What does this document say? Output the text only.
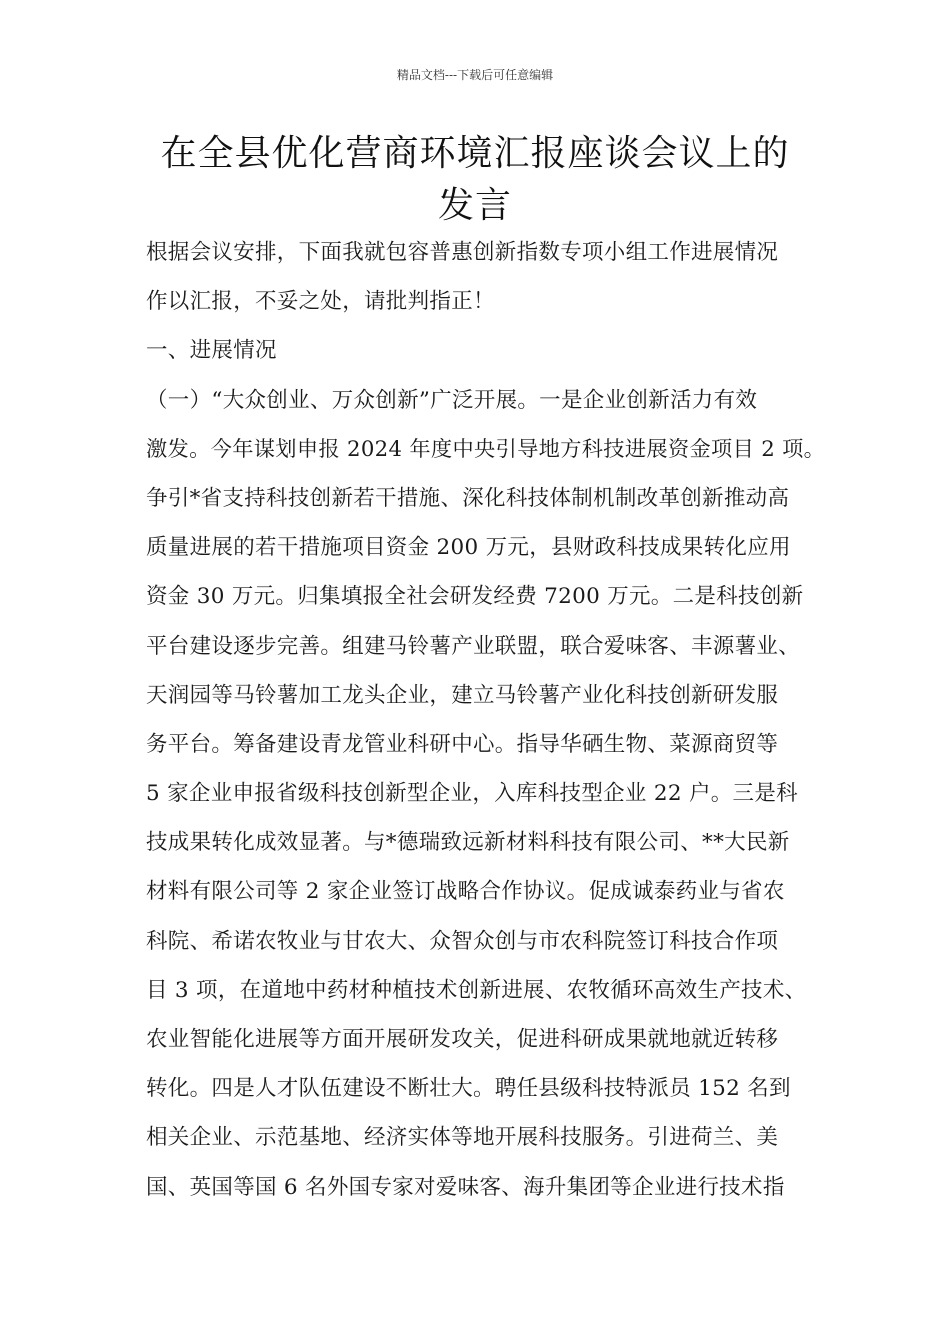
精品文档---下载后可任意编辑
在全县优化营商环境汇报座谈会议上的
发言
根据会议安排，下面我就包容普惠创新指数专项小组工作进展情况
作以汇报，不妥之处，请批判指正！
一、进展情况
（一）“大众创业、万众创新”广泛开展。一是企业创新活力有效
激发。今年谋划申报 2024 年度中央引导地方科技进展资金项目 2 项。
争引*省支持科技创新若干措施、深化科技体制机制改革创新推动高
质量进展的若干措施项目资金 200 万元，县财政科技成果转化应用
资金 30 万元。归集填报全社会研发经费 7200 万元。二是科技创新
平台建设逐步完善。组建马铃薯产业联盟，联合爱味客、丰源薯业、
天润园等马铃薯加工龙头企业，建立马铃薯产业化科技创新研发服
务平台。筹备建设青龙管业科研中心。指导华硒生物、菜源商贸等
5 家企业申报省级科技创新型企业，入库科技型企业 22 户。三是科
技成果转化成效显著。与*德瑞致远新材料科技有限公司、**大民新
材料有限公司等 2 家企业签订战略合作协议。促成诚泰药业与省农
科院、希诺农牧业与甘农大、众智众创与市农科院签订科技合作项
目 3 项，在道地中药材种植技术创新进展、农牧循环高效生产技术、
农业智能化进展等方面开展研发攻关，促进科研成果就地就近转移
转化。四是人才队伍建设不断壮大。聘任县级科技特派员 152 名到
相关企业、示范基地、经济实体等地开展科技服务。引进荷兰、美
国、英国等国 6 名外国专家对爱味客、海升集团等企业进行技术指
